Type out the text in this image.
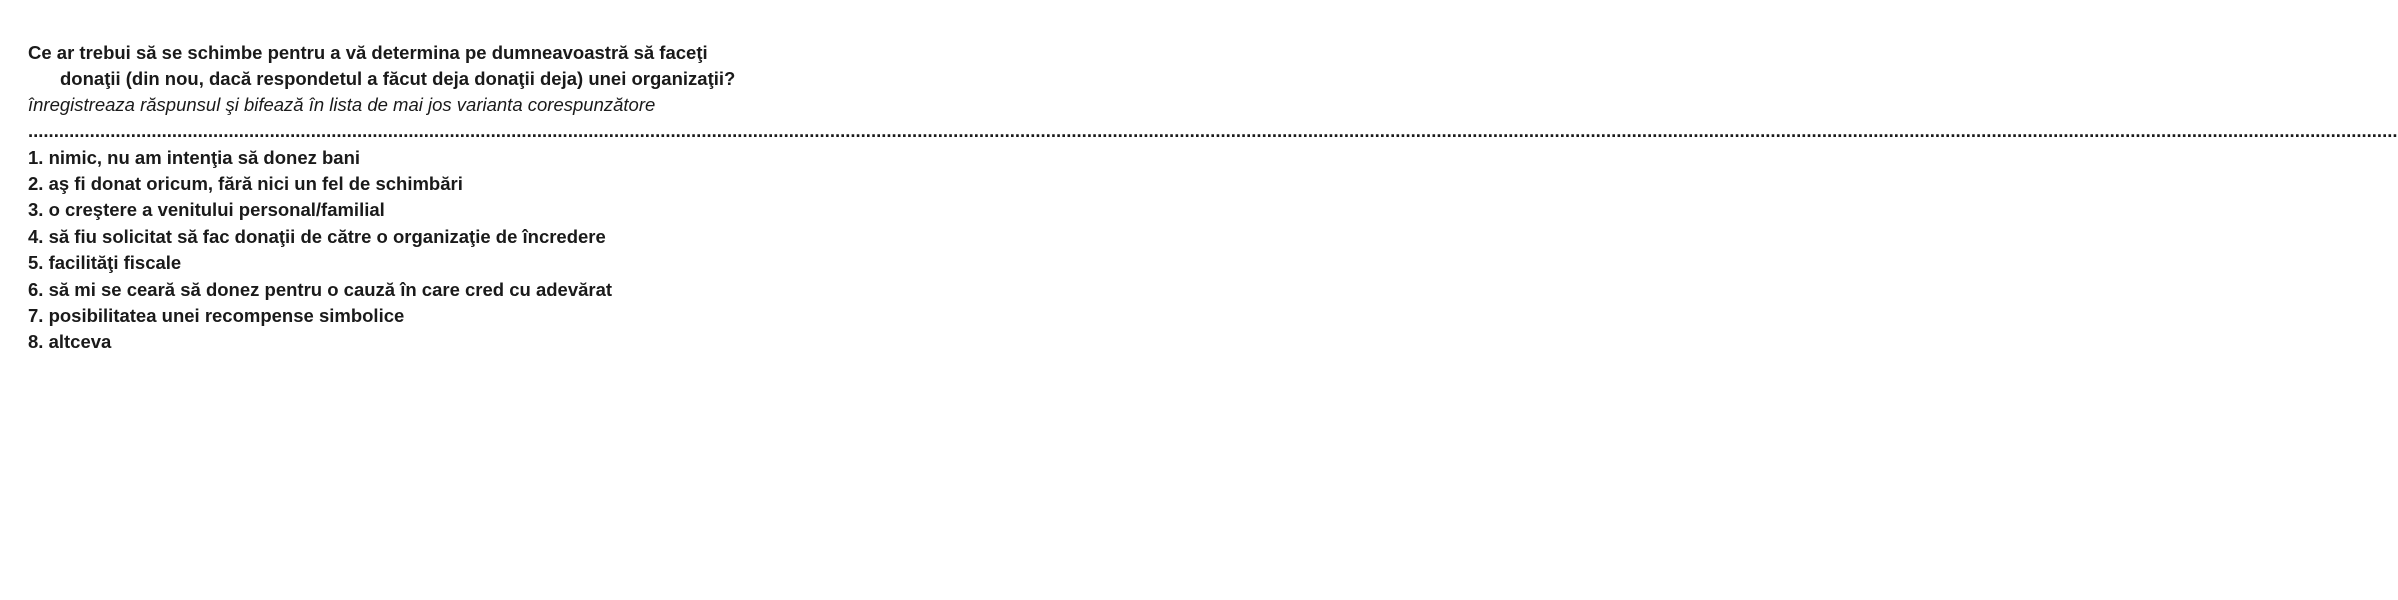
Ce ar trebui să se schimbe pentru a vă determina pe dumneavoastră să faceţi donaţii (din nou, dacă respondetul a făcut deja donaţii deja) unei organizaţii?

înregistreaza răspunsul şi bifează în lista de mai jos varianta corespunzătore

.............................................................................................................................................................................................................................................................................................................................................................................................................................................................................

1. nimic, nu am intenţia să donez bani
2. aş fi donat oricum, fără nici un fel de schimbări
3. o creştere a venitului personal/familial
4. să fiu solicitat să fac donaţii de către o organizaţie de încredere
5. facilităţi fiscale
6. să mi se ceară să donez pentru o cauză în care cred cu adevărat
7. posibilitatea unei recompense simbolice
8. altceva
